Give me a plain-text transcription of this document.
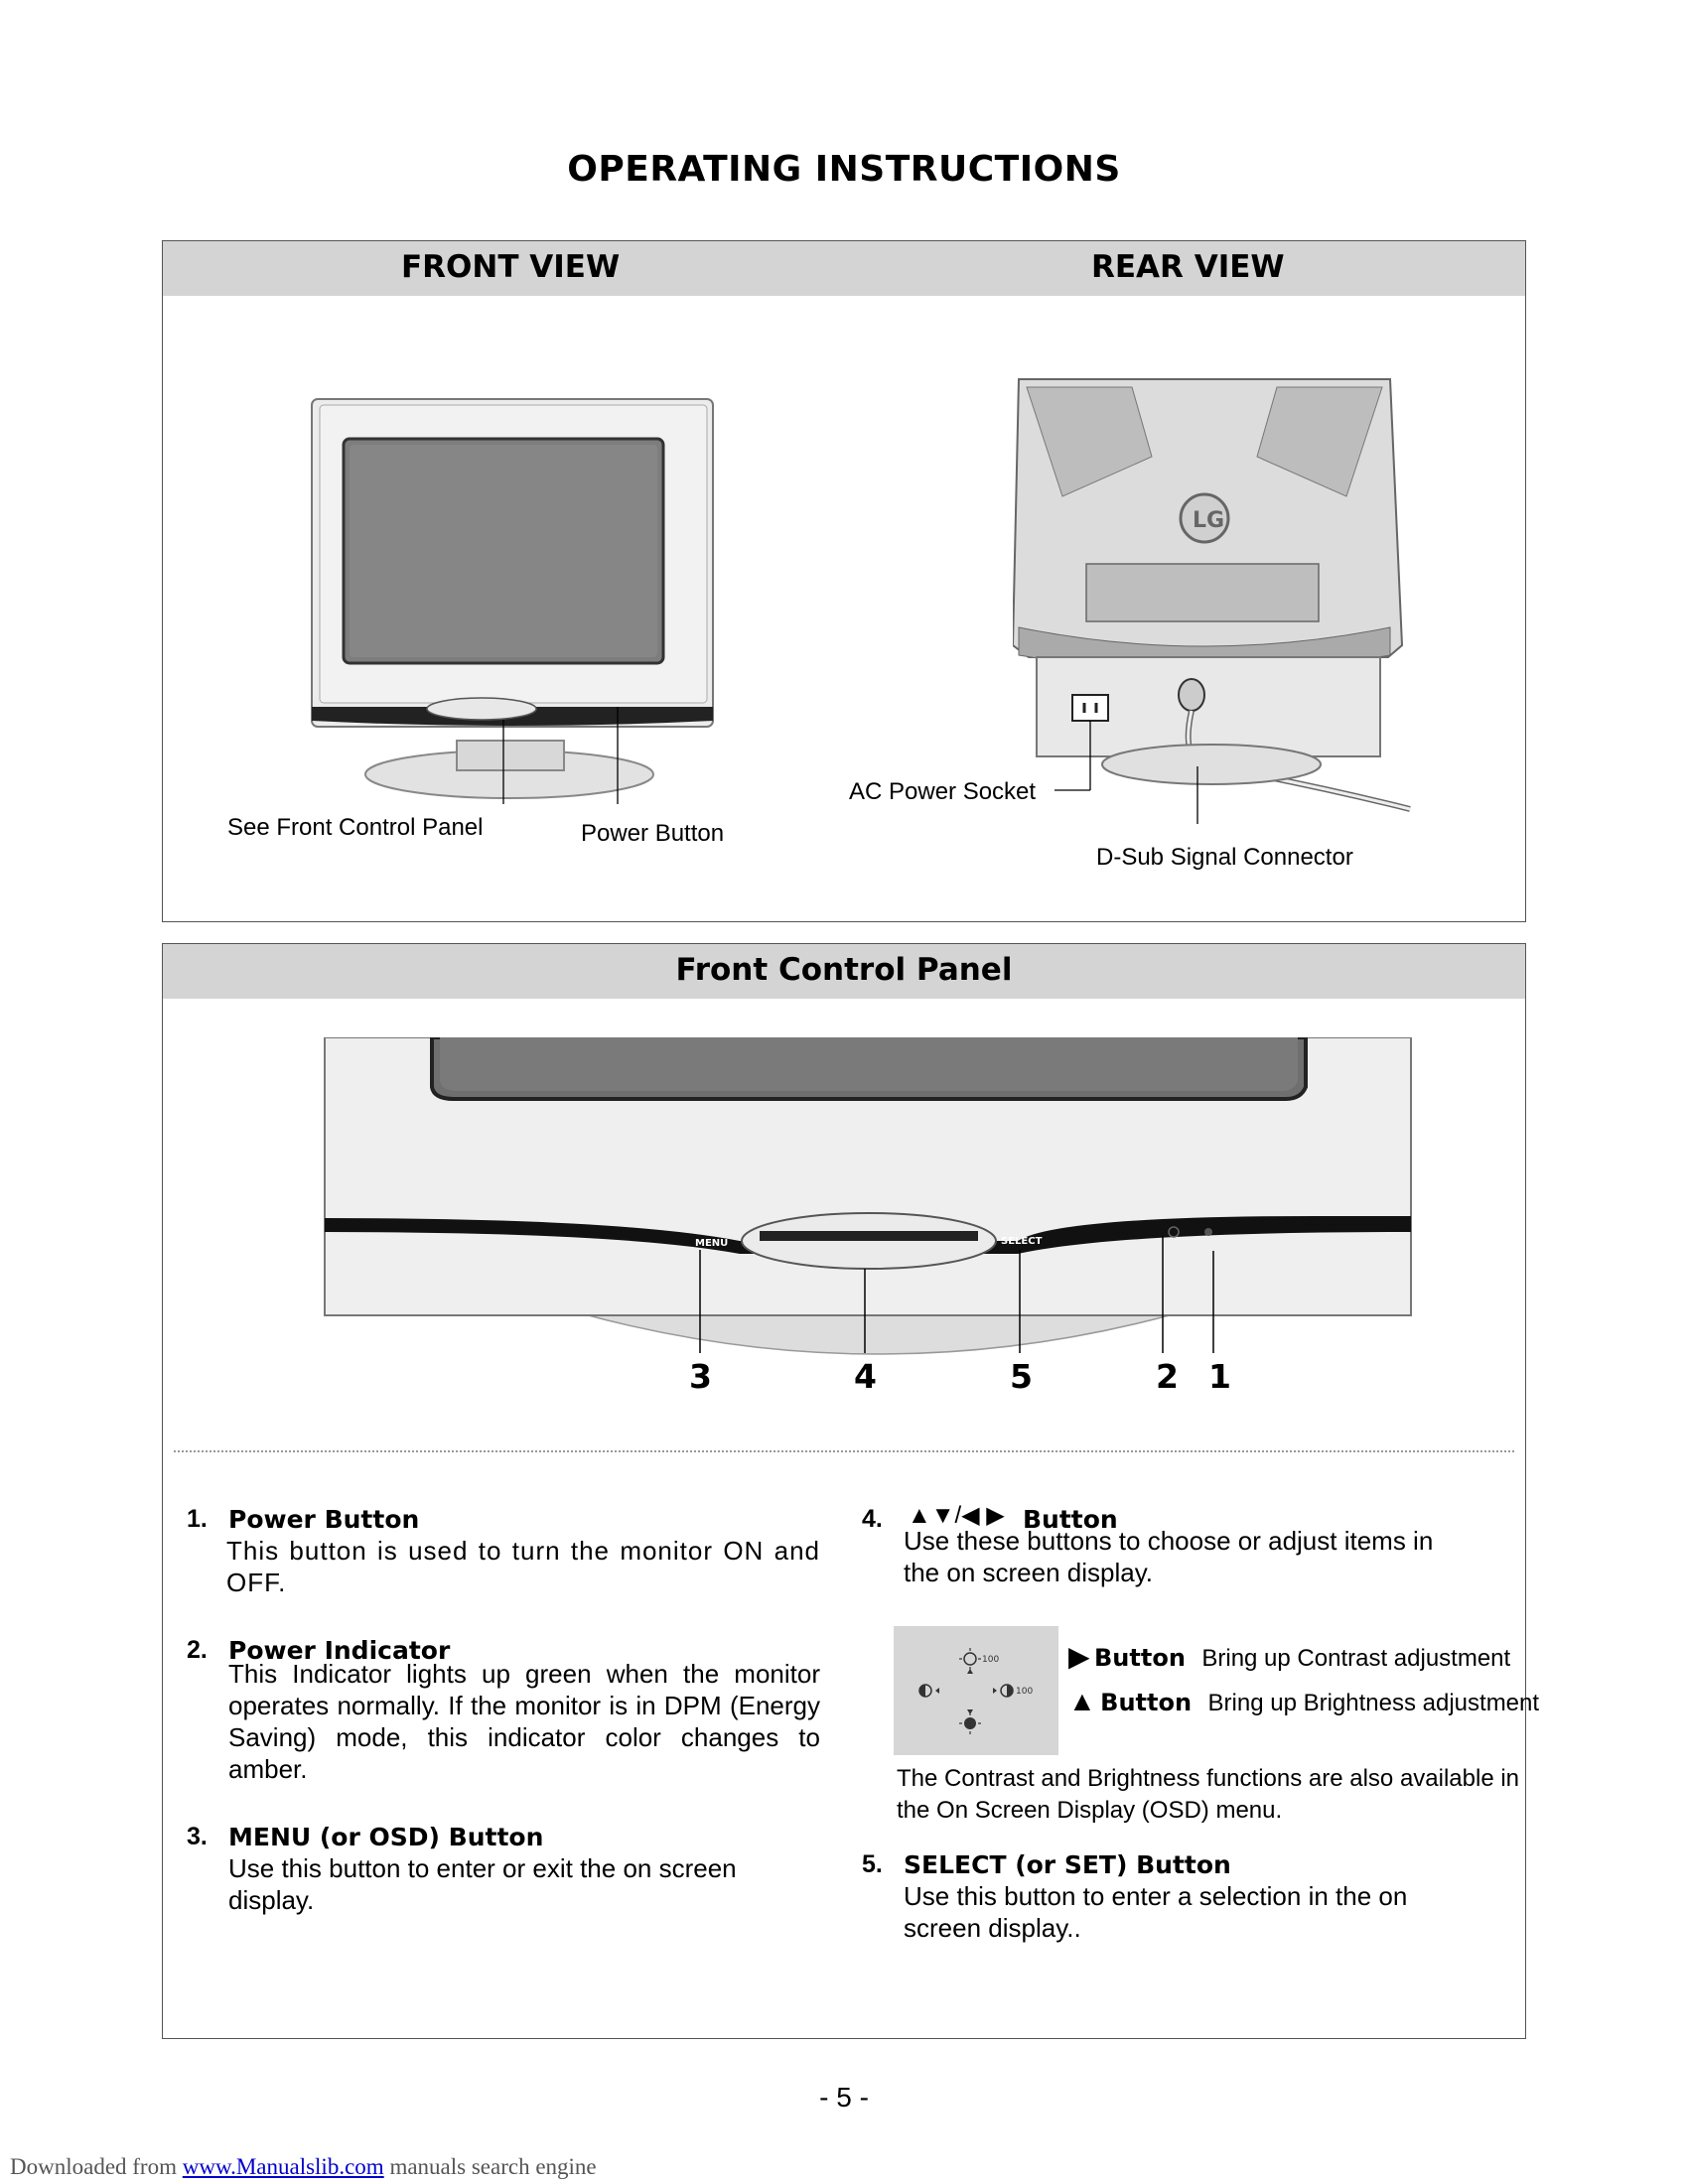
OPERATING INSTRUCTIONS
FRONT VIEW	REAR VIEW
See Front Control Panel	Power Button
LG
AC Power Socket
D-Sub Signal Connector
Front Control Panel
MENU	SELECT
3	4	5	2 1
1. Power Button
This button is used to turn the monitor ON and OFF.
2. Power Indicator
This Indicator lights up green when the monitor operates normally. If the monitor is in DPM (Energy Saving) mode, this indicator color changes to amber.
3. MENU (or OSD) Button
Use this button to enter or exit the on screen display.
4. ▲▼/◀ ▶ Button
Use these buttons to choose or adjust items in the on screen display.
100
100
▶ Button Bring up Contrast adjustment
▲ Button Bring up Brightness adjustment
The Contrast and Brightness functions are also available in the On Screen Display (OSD) menu.
5. SELECT (or SET) Button
Use this button to enter a selection in the on screen display..
- 5 -
Downloaded from www.Manualslib.com manuals search engine
